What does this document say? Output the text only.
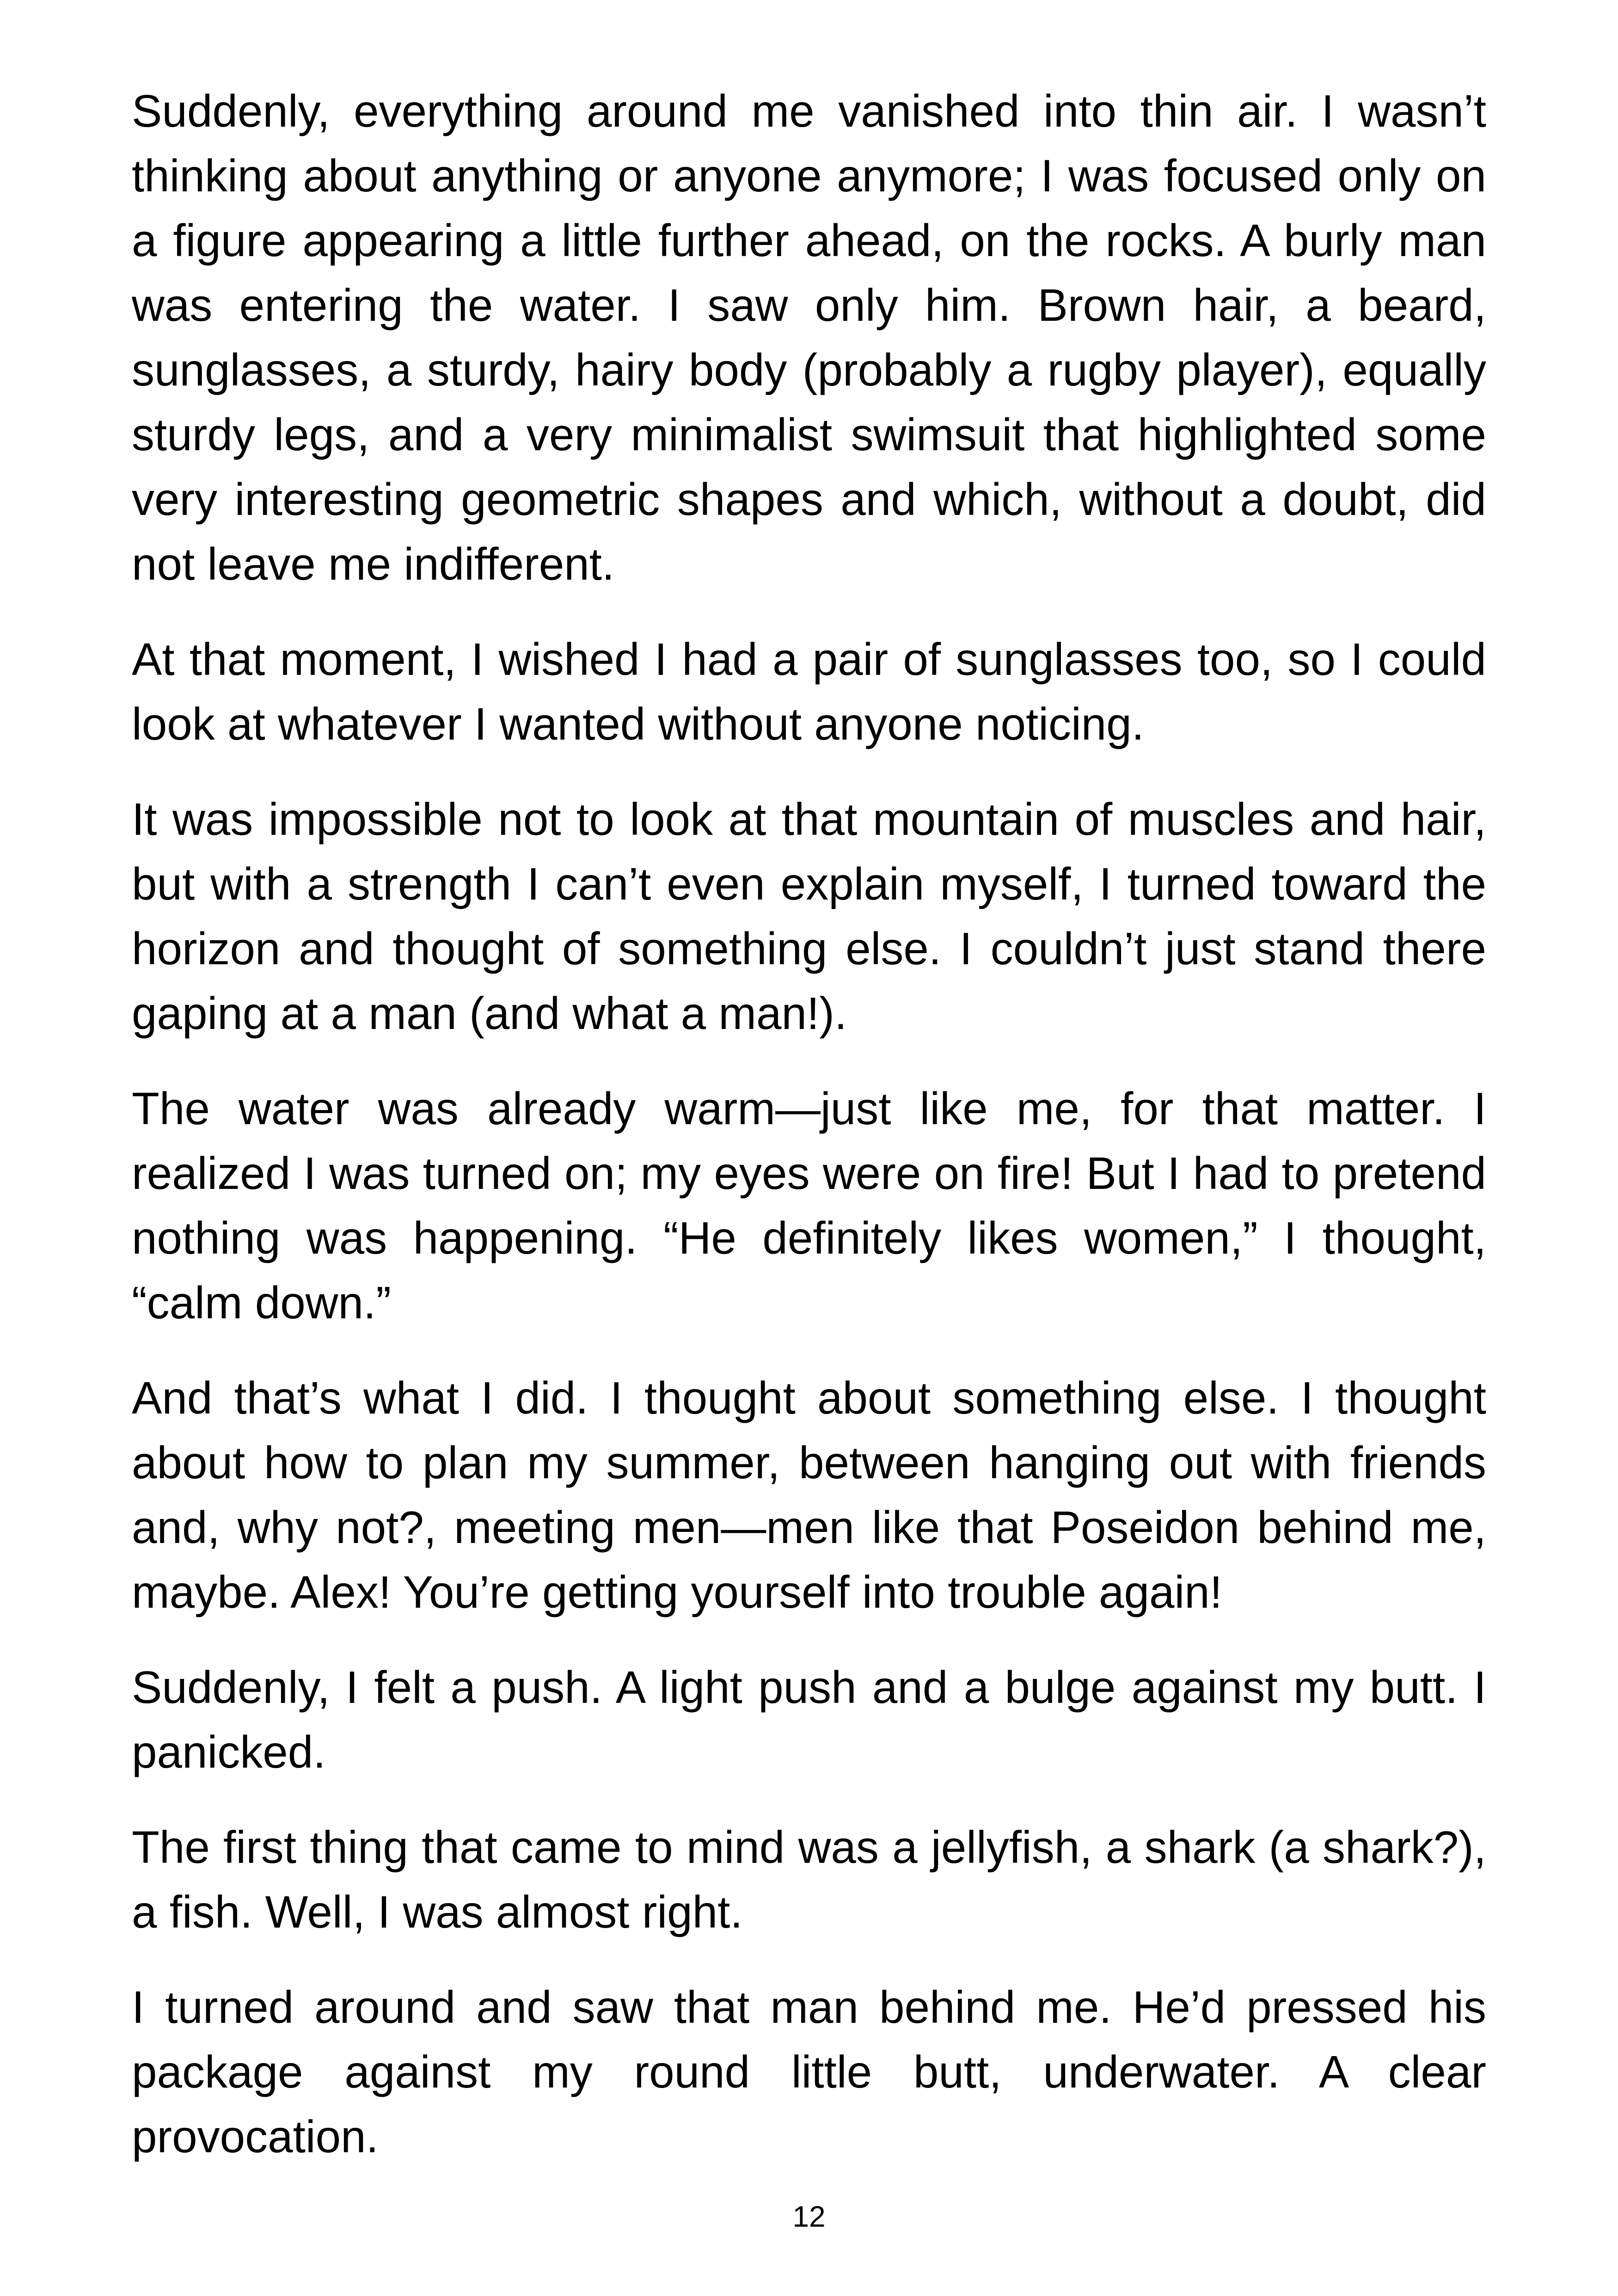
Suddenly, everything around me vanished into thin air. I wasn’t thinking about anything or anyone anymore; I was focused only on a figure appearing a little further ahead, on the rocks. A burly man was entering the water. I saw only him. Brown hair, a beard, sunglasses, a sturdy, hairy body (probably a rugby player), equally sturdy legs, and a very minimalist swimsuit that highlighted some very interesting geometric shapes and which, without a doubt, did not leave me indifferent.

At that moment, I wished I had a pair of sunglasses too, so I could look at whatever I wanted without anyone noticing.

It was impossible not to look at that mountain of muscles and hair, but with a strength I can’t even explain myself, I turned toward the horizon and thought of something else. I couldn’t just stand there gaping at a man (and what a man!).

The water was already warm—just like me, for that matter. I realized I was turned on; my eyes were on fire! But I had to pretend nothing was happening. “He definitely likes women,” I thought, “calm down.”

And that’s what I did. I thought about something else. I thought about how to plan my summer, between hanging out with friends and, why not?, meeting men—men like that Poseidon behind me, maybe. Alex! You’re getting yourself into trouble again!

Suddenly, I felt a push. A light push and a bulge against my butt. I panicked.

The first thing that came to mind was a jellyfish, a shark (a shark?), a fish. Well, I was almost right.

I turned around and saw that man behind me. He’d pressed his package against my round little butt, underwater. A clear provocation.

12
